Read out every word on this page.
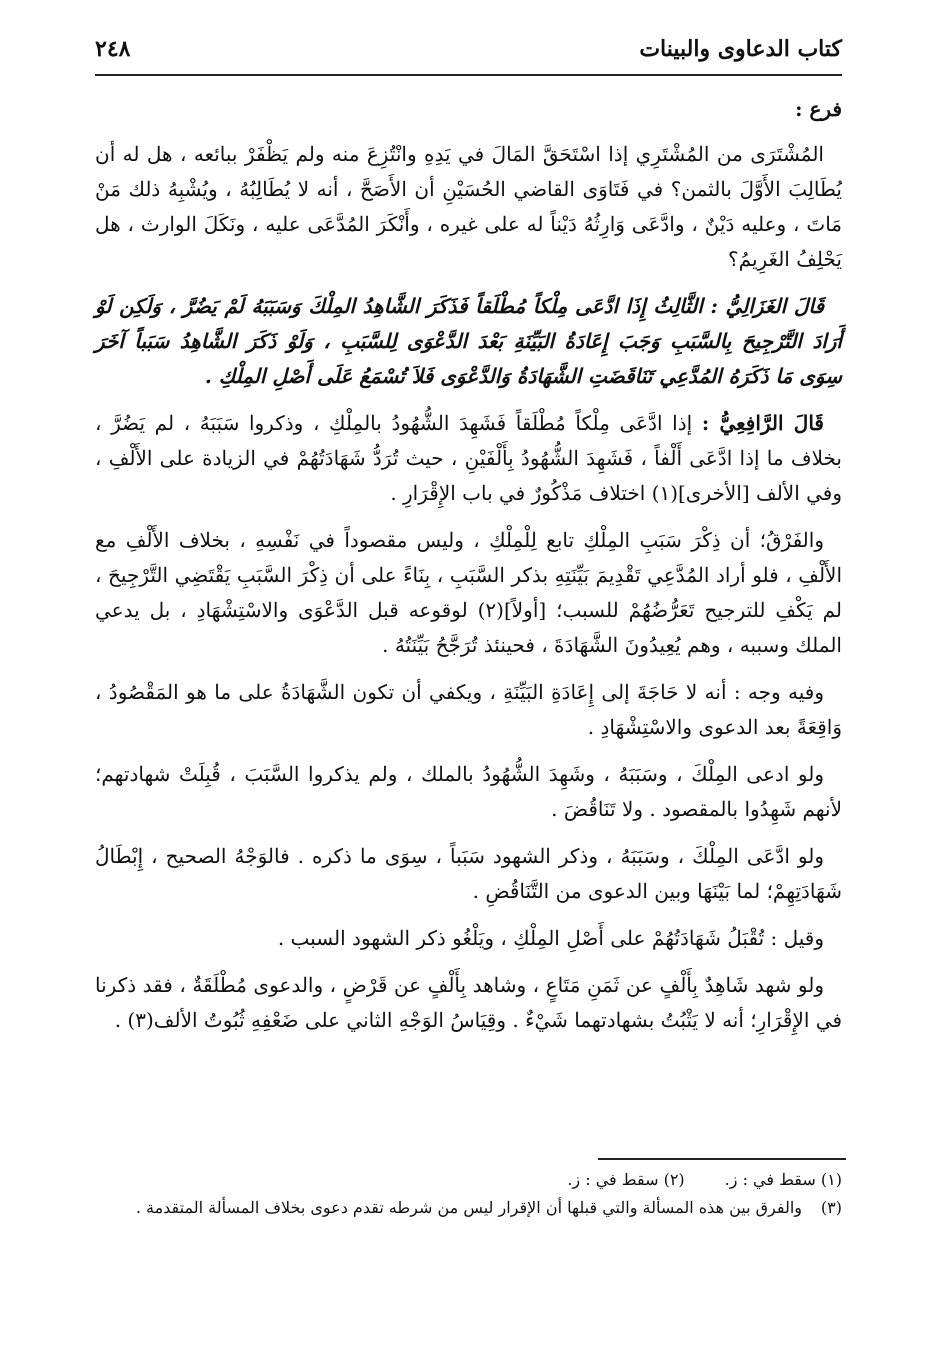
كتاب الدعاوى والبينات
٢٤٨

فرع :

المُشْتَرَى من المُشْتَرِي إذا اسْتَحَقَّ المَالَ في يَدِهِ وانْتُزِعَ منه ولم يَظْفَرْ ببائعه ، هل له أن يُطَالِبَ الأَوَّلَ بالثمن؟ في فَتَاوَى القاضي الحُسَيْنِ أن الأَصَحَّ ، أنه لا يُطَالِبُهُ ، ويُشْبِهُ ذلك مَنْ مَاتَ ، وعليه دَيْنٌ ، وادَّعَى وَارِثُهُ دَيْناً له على غيره ، وأَنْكَرَ المُدَّعَى عليه ، ونَكَلَ الوارث ، هل يَحْلِفُ الغَرِيمُ؟

قَالَ الغَزَالِيُّ : الثَّالِثُ إِذَا ادَّعَى مِلْكاً مُطْلَقاً فَذَكَرَ الشَّاهِدُ المِلْكَ وَسَبَبَهُ لَمْ يَضُرَّ ، وَلَكِن لَوْ أَرَادَ التَّرْجِيحَ بِالسَّبَبِ وَجَبَ إِعَادَةُ البَيِّنَةِ بَعْدَ الدَّعْوَى لِلسَّبَبِ ، وَلَوْ ذَكَرَ الشَّاهِدُ سَبَباً آخَرَ سِوَى مَا ذَكَرَهُ المُدَّعِي تَنَاقَضَتِ الشَّهَادَةُ وَالدَّعْوَى فَلاَ تُسْمَعُ عَلَى أَصْلِ المِلْكِ .

قَالَ الرَّافِعِيُّ : إذا ادَّعَى مِلْكاً مُطْلَقاً فَشَهِدَ الشُّهُودُ بالمِلْكِ ، وذكروا سَبَبَهُ ، لم يَضُرَّ ، بخلاف ما إذا ادَّعَى أَلْفاً ، فَشَهِدَ الشُّهُودُ بِأَلْفَيْنِ ، حيث تُرَدُّ شَهَادَتُهُمْ في الزيادة على الأَلْفِ ، وفي الألف [الأخرى](١) اختلاف مَذْكُورٌ في باب الإِقْرَارِ .

والفَرْقُ؛ أن ذِكْرَ سَبَبِ المِلْكِ تابع لِلْمِلْكِ ، وليس مقصوداً في نَفْسِهِ ، بخلاف الأَلْفِ مع الأَلْفِ ، فلو أراد المُدَّعِي تَقْدِيمَ بَيِّنَتِهِ بذكر السَّبَبِ ، بِنَاءً على أن ذِكْرَ السَّبَبِ يَقْتَضِي التَّرْجِيحَ ، لم يَكْفِ للترجيح تَعَرُّضُهُمْ للسبب؛ [أولاً](٢) لوقوعه قبل الدَّعْوَى والاسْتِشْهَادِ ، بل يدعي الملك وسببه ، وهم يُعِيدُونَ الشَّهَادَةَ ، فحينئذ تُرَجَّحُ بَيِّنَتُهُ .

وفيه وجه : أنه لا حَاجَةَ إلى إِعَادَةِ البَيِّنَةِ ، ويكفي أن تكون الشَّهَادَةُ على ما هو المَقْصُودُ ، وَاقِعَةً بعد الدعوى والاسْتِشْهَادِ .

ولو ادعى المِلْكَ ، وسَبَبَهُ ، وشَهِدَ الشُّهُودُ بالملك ، ولم يذكروا السَّبَبَ ، قُبِلَتْ شهادتهم؛ لأنهم شَهِدُوا بالمقصود . ولا تَنَاقُضَ .

ولو ادَّعَى المِلْكَ ، وسَبَبَهُ ، وذكر الشهود سَبَباً ، سِوَى ما ذكره . فالوَجْهُ الصحيح ، إِبْطَالُ شَهَادَتِهِمْ؛ لما بَيْنَهَا وبين الدعوى من التَّنَاقُضِ .

وقيل : تُقْبَلُ شَهَادَتُهُمْ على أَصْلِ المِلْكِ ، ويَلْغُو ذكر الشهود السبب .

ولو شهد شَاهِدٌ بِأَلْفٍ عن ثَمَنِ مَتَاعٍ ، وشاهد بِأَلْفٍ عن قَرْضٍ ، والدعوى مُطْلَقَةٌ ، فقد ذكرنا في الإِقْرَارِ؛ أنه لا يَثْبُتُ بشهادتهما شَيْءٌ . وقِيَاسُ الوَجْهِ الثاني على ضَعْفِهِ ثُبُوتُ الألف(٣) .

(١) سقط في : ز.
(٢) سقط في : ز.
(٣)
والفرق بين هذه المسألة والتي قبلها أن الإقرار ليس من شرطه تقدم دعوى بخلاف المسألة المتقدمة .
